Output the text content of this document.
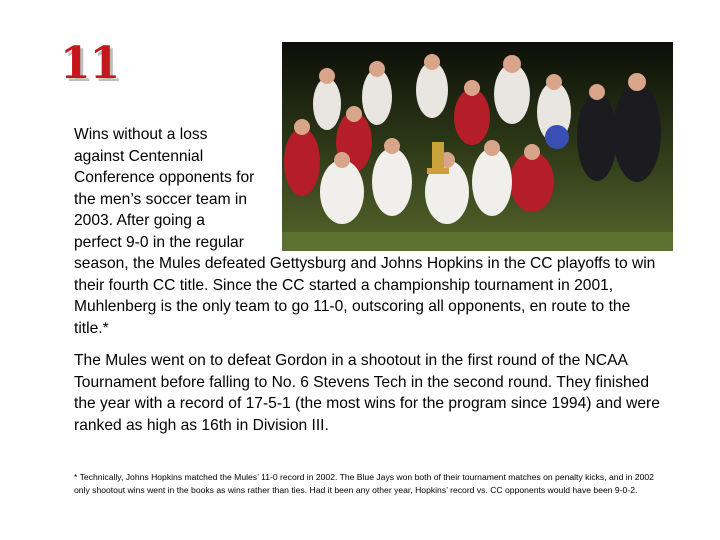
11

Wins without a loss against Centennial Conference opponents for the men’s soccer team in 2003. After going a perfect 9-0 in the regular season, the Mules defeated Gettysburg and Johns Hopkins in the CC playoffs to win their fourth CC title. Since the CC started a championship tournament in 2001, Muhlenberg is the only team to go 11-0, outscoring all opponents, en route to the title.*

The Mules went on to defeat Gordon in a shootout in the first round of the NCAA Tournament before falling to No. 6 Stevens Tech in the second round. They finished the year with a record of 17-5-1 (the most wins for the program since 1994) and were ranked as high as 16th in Division III.

* Technically, Johns Hopkins matched the Mules’ 11-0 record in 2002. The Blue Jays won both of their tournament matches on penalty kicks, and in 2002 only shootout wins went in the books as wins rather than ties. Had it been any other year, Hopkins’ record vs. CC opponents would have been 9-0-2.
